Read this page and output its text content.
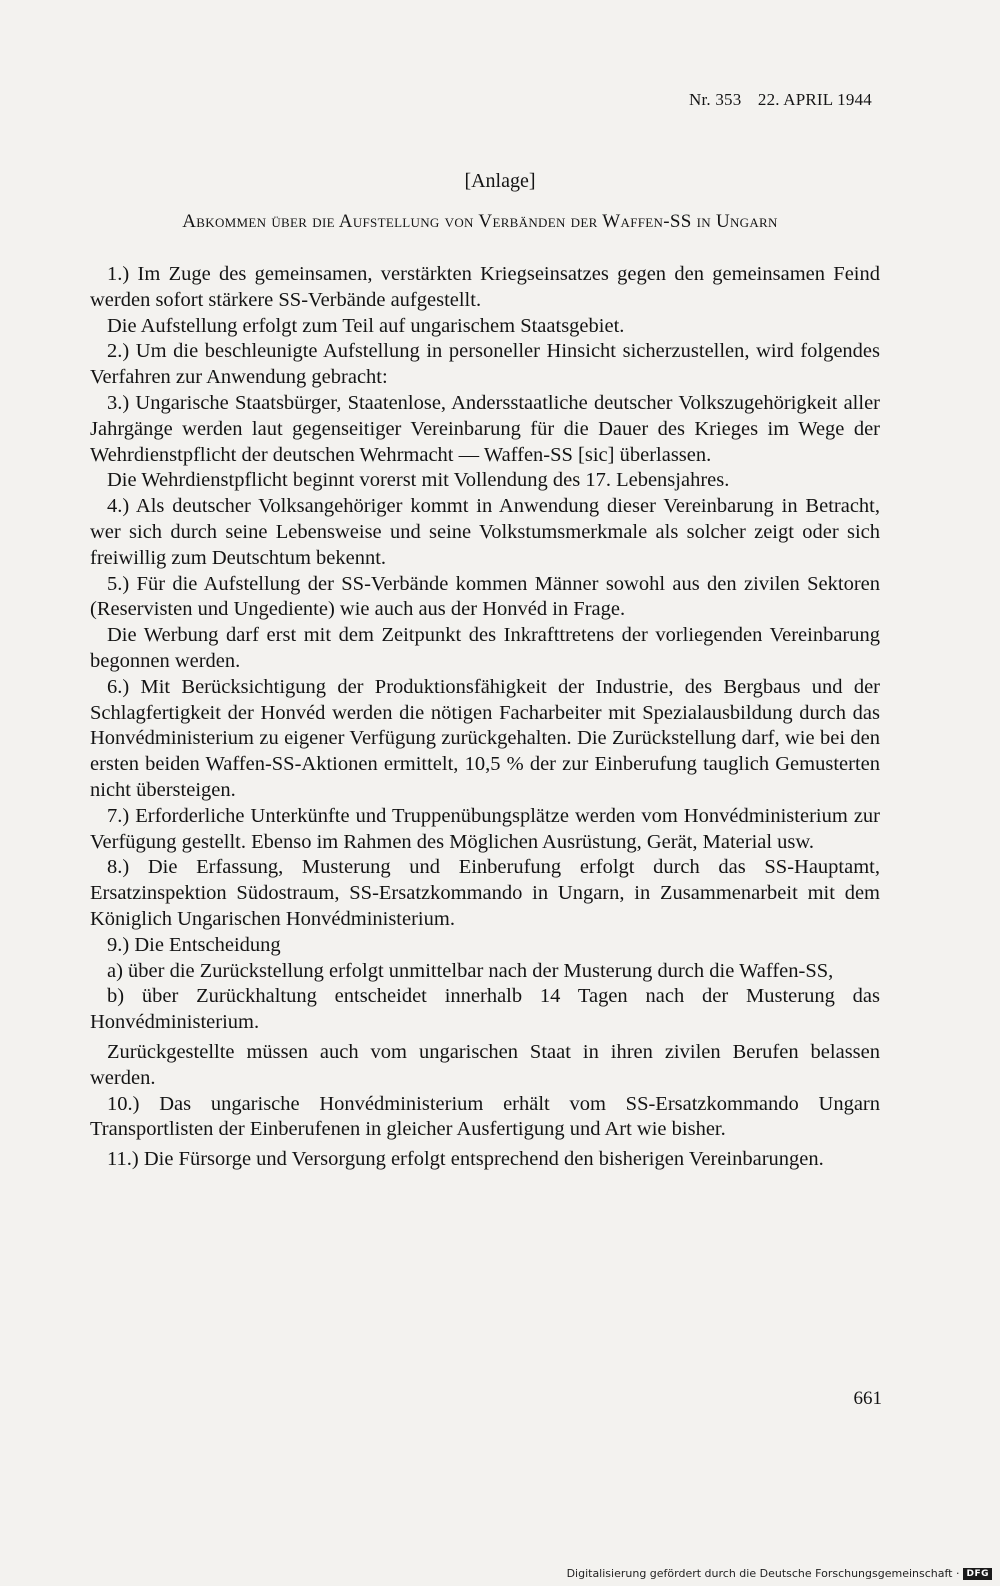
Nr. 353 22. APRIL 1944
[Anlage]
Abkommen über die Aufstellung von Verbänden der Waffen-SS in Ungarn

1.) Im Zuge des gemeinsamen, verstärkten Kriegseinsatzes gegen den gemeinsamen Feind werden sofort stärkere SS-Verbände aufgestellt.

Die Aufstellung erfolgt zum Teil auf ungarischem Staatsgebiet.

2.) Um die beschleunigte Aufstellung in personeller Hinsicht sicherzustellen, wird folgendes Verfahren zur Anwendung gebracht:

3.) Ungarische Staatsbürger, Staatenlose, Andersstaatliche deutscher Volkszugehörigkeit aller Jahrgänge werden laut gegenseitiger Vereinbarung für die Dauer des Krieges im Wege der Wehrdienstpflicht der deutschen Wehrmacht — Waffen-SS [sic] überlassen.

Die Wehrdienstpflicht beginnt vorerst mit Vollendung des 17. Lebensjahres.

4.) Als deutscher Volksangehöriger kommt in Anwendung dieser Vereinbarung in Betracht, wer sich durch seine Lebensweise und seine Volkstumsmerkmale als solcher zeigt oder sich freiwillig zum Deutschtum bekennt.

5.) Für die Aufstellung der SS-Verbände kommen Männer sowohl aus den zivilen Sektoren (Reservisten und Ungediente) wie auch aus der Honvéd in Frage.

Die Werbung darf erst mit dem Zeitpunkt des Inkrafttretens der vorliegenden Vereinbarung begonnen werden.

6.) Mit Berücksichtigung der Produktionsfähigkeit der Industrie, des Bergbaus und der Schlagfertigkeit der Honvéd werden die nötigen Facharbeiter mit Spezialausbildung durch das Honvédministerium zu eigener Verfügung zurückgehalten. Die Zurückstellung darf, wie bei den ersten beiden Waffen-SS-Aktionen ermittelt, 10,5 % der zur Einberufung tauglich Gemusterten nicht übersteigen.

7.) Erforderliche Unterkünfte und Truppenübungsplätze werden vom Honvédministerium zur Verfügung gestellt. Ebenso im Rahmen des Möglichen Ausrüstung, Gerät, Material usw.

8.) Die Erfassung, Musterung und Einberufung erfolgt durch das SS-Hauptamt, Ersatzinspektion Südostraum, SS-Ersatzkommando in Ungarn, in Zusammenarbeit mit dem Königlich Ungarischen Honvédministerium.

9.) Die Entscheidung

a) über die Zurückstellung erfolgt unmittelbar nach der Musterung durch die Waffen-SS,

b) über Zurückhaltung entscheidet innerhalb 14 Tagen nach der Musterung das Honvédministerium.

Zurückgestellte müssen auch vom ungarischen Staat in ihren zivilen Berufen belassen werden.

10.) Das ungarische Honvédministerium erhält vom SS-Ersatzkommando Ungarn Transportlisten der Einberufenen in gleicher Ausfertigung und Art wie bisher.

11.) Die Fürsorge und Versorgung erfolgt entsprechend den bisherigen Vereinbarungen.

661
Digitalisierung gefördert durch die Deutsche Forschungsgemeinschaft · DFG
